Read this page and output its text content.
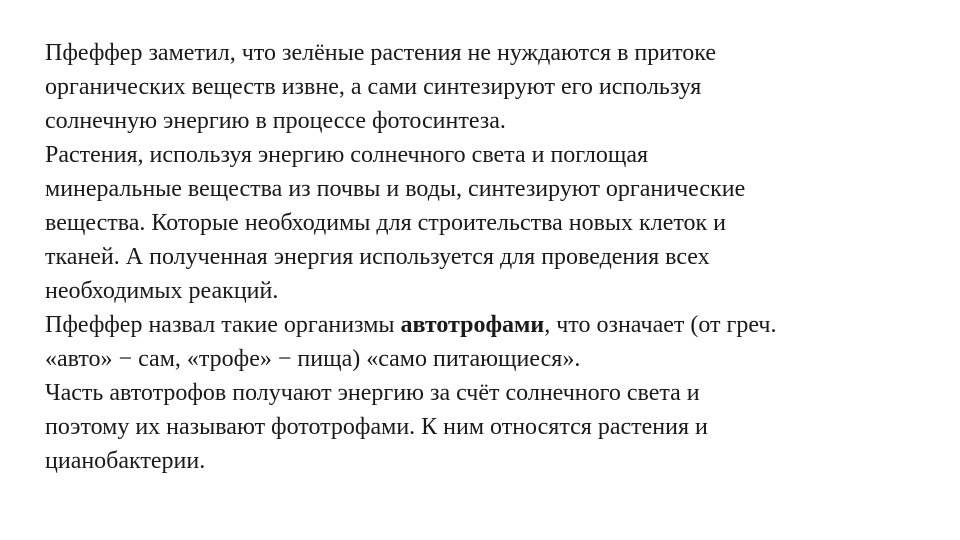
Пфеффер заметил, что зелёные растения не нуждаются в притоке
органических веществ извне, а сами синтезируют его используя
солнечную энергию в процессе фотосинтеза.
Растения, используя энергию солнечного света и поглощая
минеральные вещества из почвы и воды, синтезируют органические
вещества. Которые необходимы для строительства новых клеток и
тканей. А полученная энергия используется для проведения всех
необходимых реакций.
Пфеффер назвал такие организмы автотрофами, что означает (от греч.
«авто» − сам, «трофе» − пища) «само питающиеся».
Часть автотрофов получают энергию за счёт солнечного света и
поэтому их называют фототрофами. К ним относятся растения и
цианобактерии.
